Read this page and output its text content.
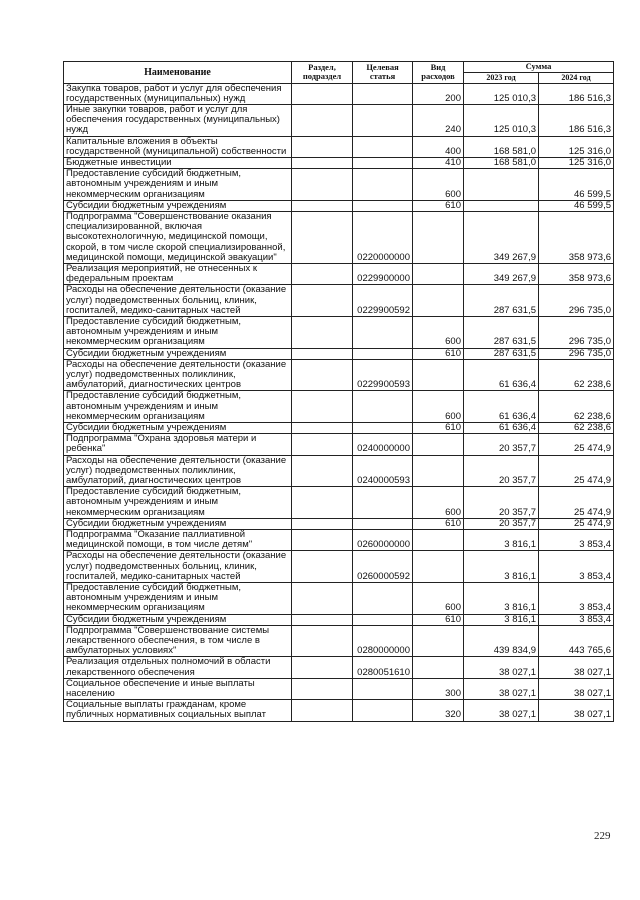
Наименование	Раздел, подраздел	Целевая статья	Вид расходов	Сумма	
				2023 год	2024 год
Закупка товаров, работ и услуг для обеспечения государственных (муниципальных) нужд			200	125 010,3	186 516,3
Иные закупки товаров, работ и услуг для обеспечения государственных (муниципальных) нужд			240	125 010,3	186 516,3
Капитальные вложения в объекты государственной (муниципальной) собственности			400	168 581,0	125 316,0
Бюджетные инвестиции			410	168 581,0	125 316,0
Предоставление субсидий бюджетным, автономным учреждениям и иным некоммерческим организациям			600		46 599,5
Субсидии бюджетным учреждениям			610		46 599,5
Подпрограмма "Совершенствование оказания специализированной, включая высокотехнологичную, медицинской помощи, скорой, в том числе скорой специализированной, медицинской помощи, медицинской эвакуации"		0220000000		349 267,9	358 973,6
Реализация мероприятий, не отнесенных к федеральным проектам		0229900000		349 267,9	358 973,6
Расходы на обеспечение деятельности (оказание услуг) подведомственных больниц, клиник, госпиталей, медико-санитарных частей		0229900592		287 631,5	296 735,0
Предоставление субсидий бюджетным, автономным учреждениям и иным некоммерческим организациям			600	287 631,5	296 735,0
Субсидии бюджетным учреждениям			610	287 631,5	296 735,0
Расходы на обеспечение деятельности (оказание услуг) подведомственных поликлиник, амбулаторий, диагностических центров		0229900593		61 636,4	62 238,6
Предоставление субсидий бюджетным, автономным учреждениям и иным некоммерческим организациям			600	61 636,4	62 238,6
Субсидии бюджетным учреждениям			610	61 636,4	62 238,6
Подпрограмма "Охрана здоровья матери и ребенка"		0240000000		20 357,7	25 474,9
Расходы на обеспечение деятельности (оказание услуг) подведомственных поликлиник, амбулаторий, диагностических центров		0240000593		20 357,7	25 474,9
Предоставление субсидий бюджетным, автономным учреждениям и иным некоммерческим организациям			600	20 357,7	25 474,9
Субсидии бюджетным учреждениям			610	20 357,7	25 474,9
Подпрограмма "Оказание паллиативной медицинской помощи, в том числе детям"		0260000000		3 816,1	3 853,4
Расходы на обеспечение деятельности (оказание услуг) подведомственных больниц, клиник, госпиталей, медико-санитарных частей		0260000592		3 816,1	3 853,4
Предоставление субсидий бюджетным, автономным учреждениям и иным некоммерческим организациям			600	3 816,1	3 853,4
Субсидии бюджетным учреждениям			610	3 816,1	3 853,4
Подпрограмма "Совершенствование системы лекарственного обеспечения, в том числе в амбулаторных условиях"		0280000000		439 834,9	443 765,6
Реализация отдельных полномочий в области лекарственного обеспечения		0280051610		38 027,1	38 027,1
Социальное обеспечение и иные выплаты населению			300	38 027,1	38 027,1
Социальные выплаты гражданам, кроме публичных нормативных социальных выплат			320	38 027,1	38 027,1
229
